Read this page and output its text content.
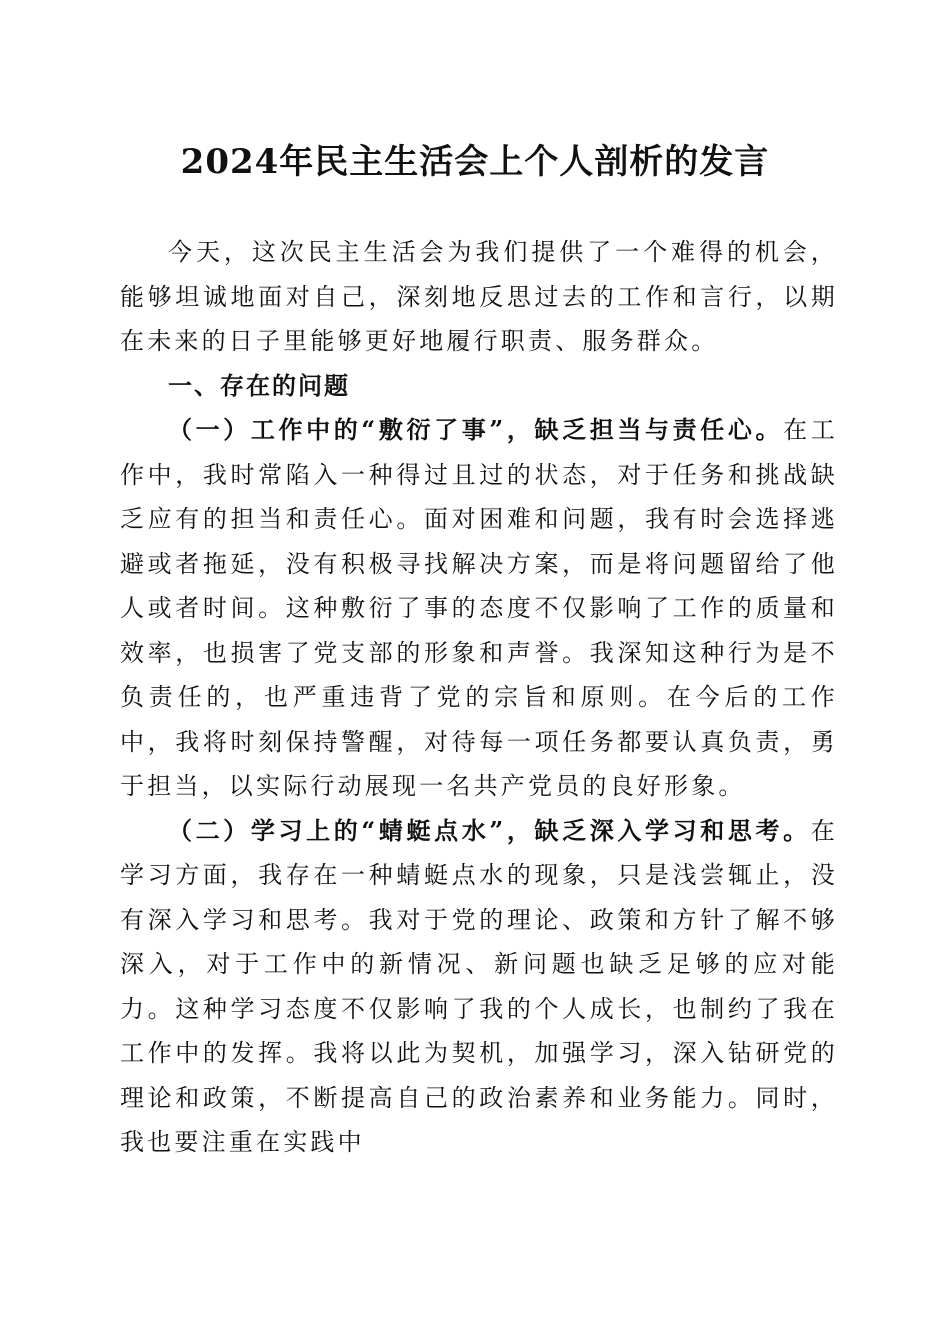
2024年民主生活会上个人剖析的发言

今天，这次民主生活会为我们提供了一个难得的机会，能够坦诚地面对自己，深刻地反思过去的工作和言行，以期在未来的日子里能够更好地履行职责、服务群众。

一、存在的问题

（一）工作中的“敷衍了事”，缺乏担当与责任心。在工作中，我时常陷入一种得过且过的状态，对于任务和挑战缺乏应有的担当和责任心。面对困难和问题，我有时会选择逃避或者拖延，没有积极寻找解决方案，而是将问题留给了他人或者时间。这种敷衍了事的态度不仅影响了工作的质量和效率，也损害了党支部的形象和声誉。我深知这种行为是不负责任的，也严重违背了党的宗旨和原则。在今后的工作中，我将时刻保持警醒，对待每一项任务都要认真负责，勇于担当，以实际行动展现一名共产党员的良好形象。

（二）学习上的“蜻蜓点水”，缺乏深入学习和思考。在学习方面，我存在一种蜻蜓点水的现象，只是浅尝辄止，没有深入学习和思考。我对于党的理论、政策和方针了解不够深入，对于工作中的新情况、新问题也缺乏足够的应对能力。这种学习态度不仅影响了我的个人成长，也制约了我在工作中的发挥。我将以此为契机，加强学习，深入钻研党的理论和政策，不断提高自己的政治素养和业务能力。同时，我也要注重在实践中
